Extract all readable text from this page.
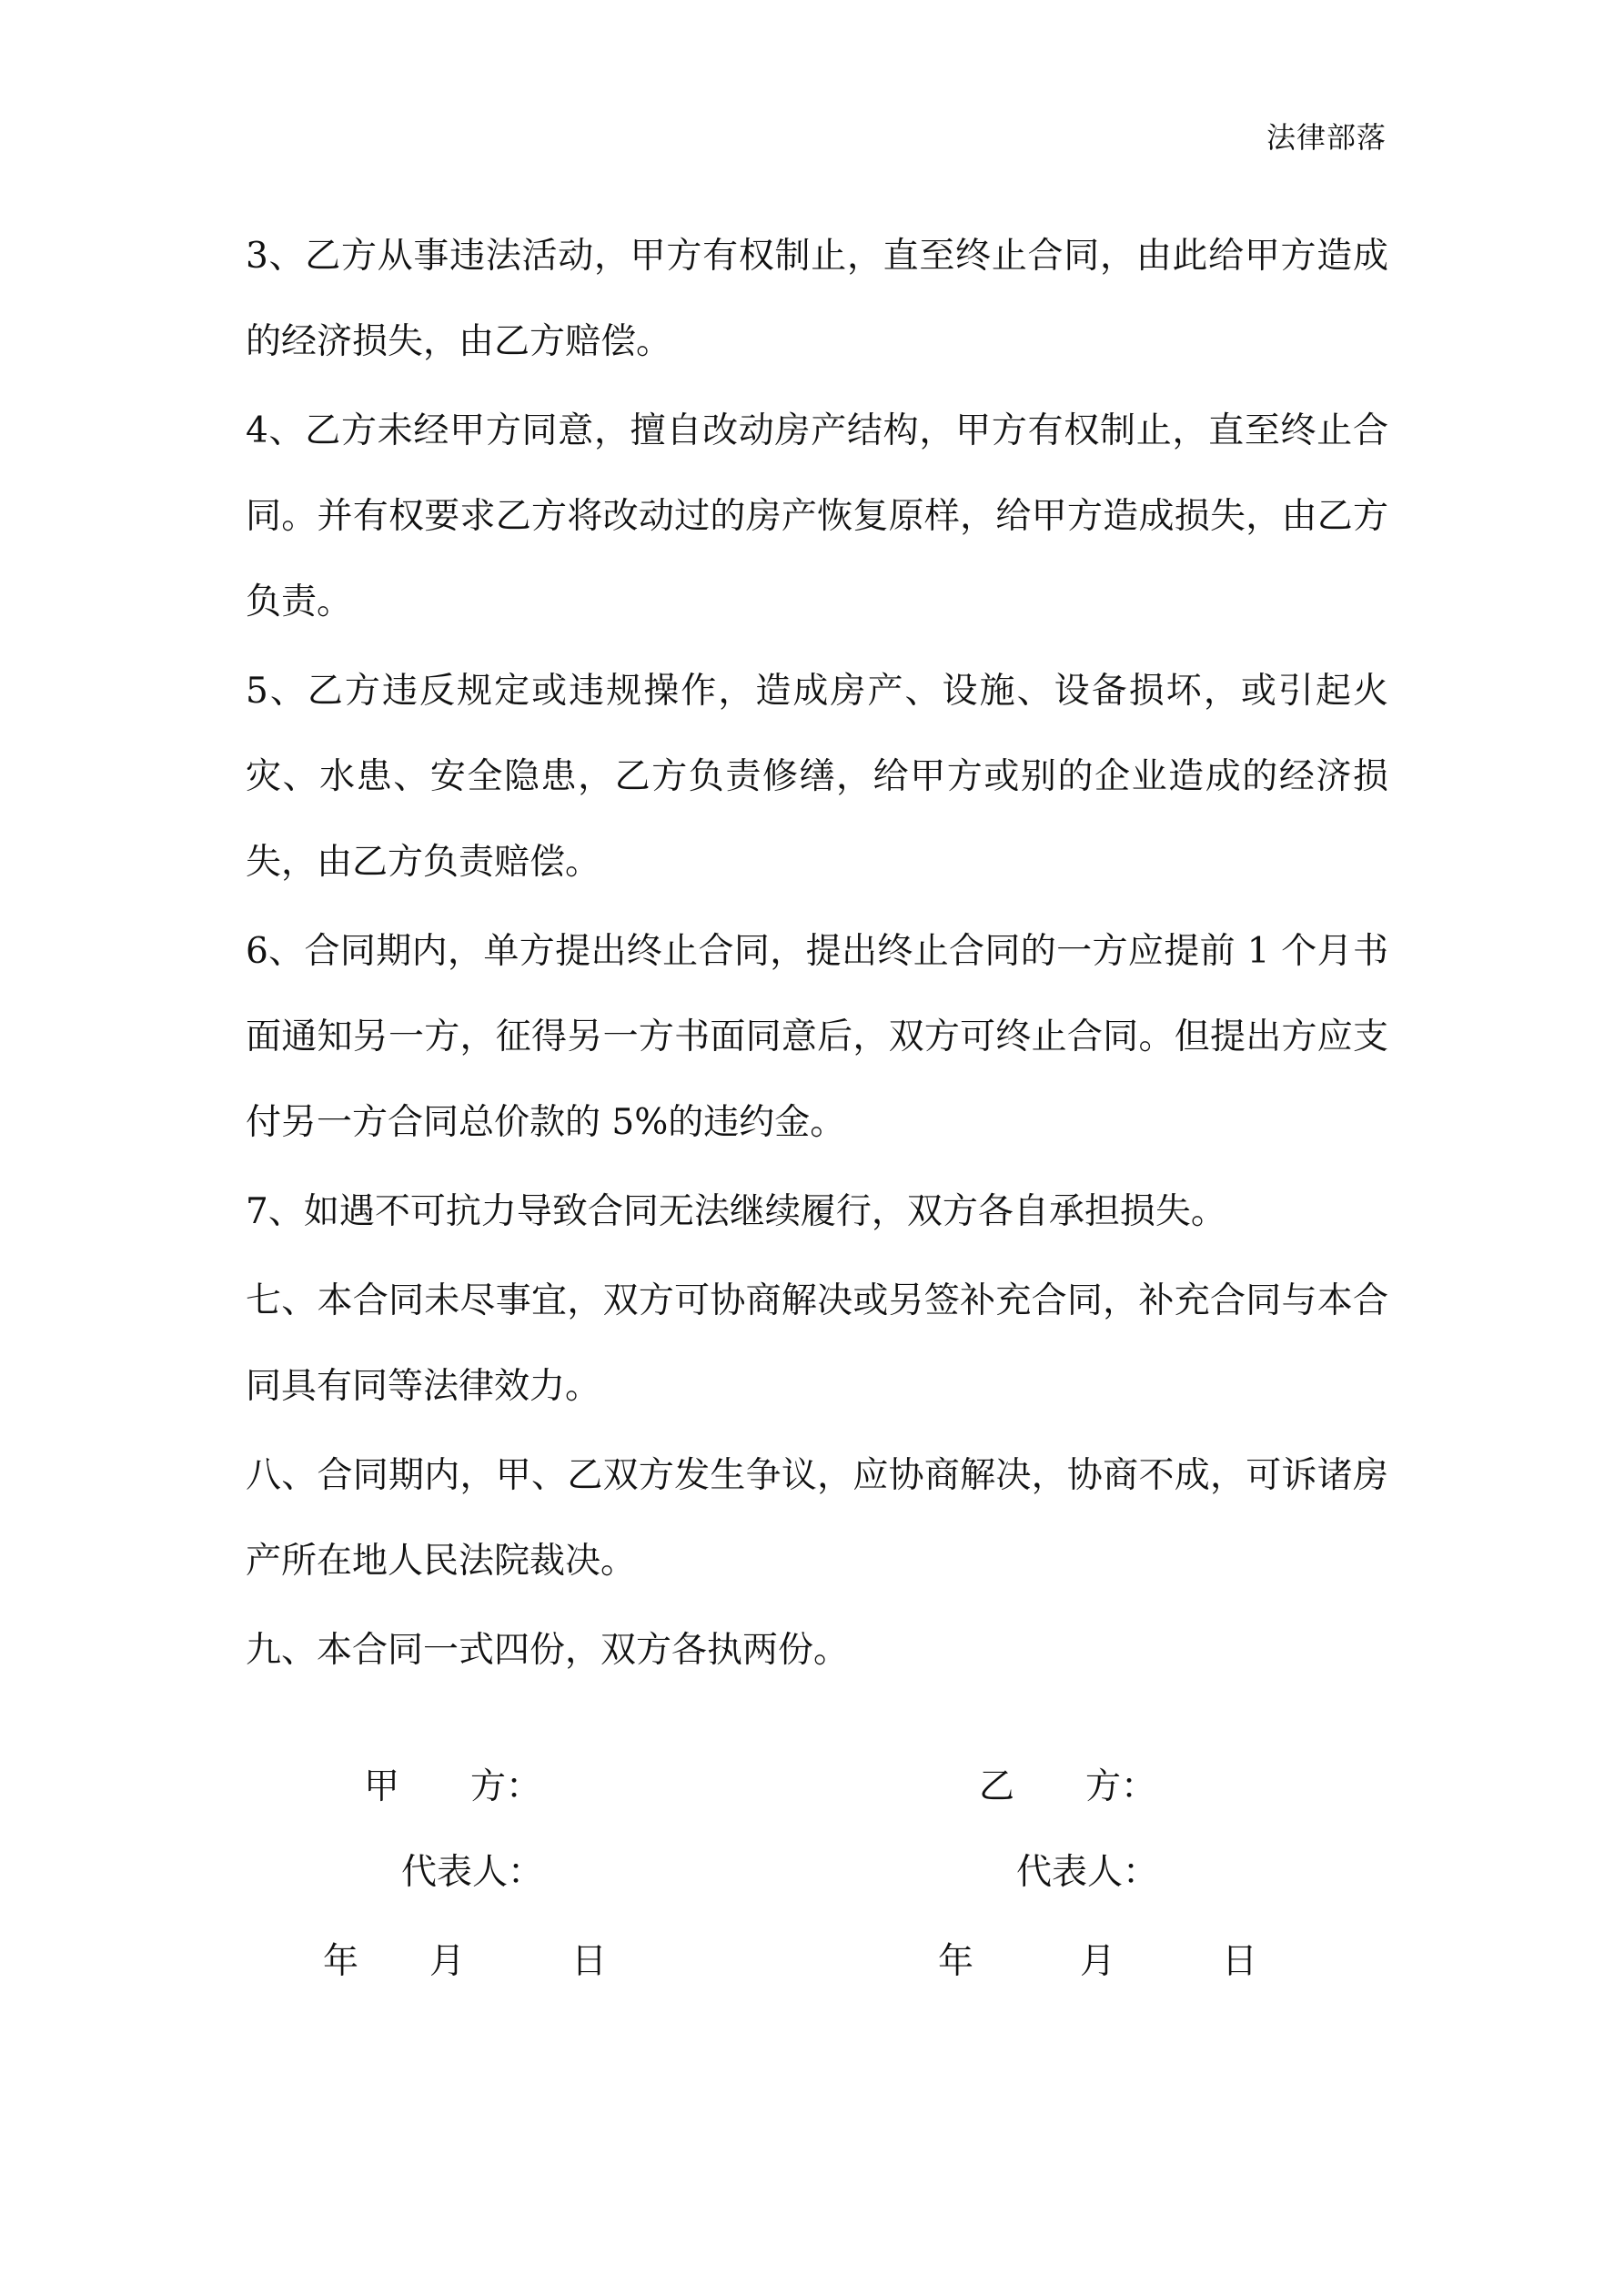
法律部落

3、乙方从事违法活动，甲方有权制止，直至终止合同，由此给甲方造成的经济损失，由乙方赔偿。

4、乙方未经甲方同意，擅自改动房产结构，甲方有权制止，直至终止合同。并有权要求乙方将改动过的房产恢复原样，给甲方造成损失，由乙方负责。

5、乙方违反规定或违规操作，造成房产、设施、设备损坏，或引起火灾、水患、安全隐患，乙方负责修缮，给甲方或别的企业造成的经济损失，由乙方负责赔偿。

6、合同期内，单方提出终止合同，提出终止合同的一方应提前 1 个月书面通知另一方，征得另一方书面同意后，双方可终止合同。但提出方应支付另一方合同总价款的 5%的违约金。

7、如遇不可抗力导致合同无法继续履行，双方各自承担损失。

七、本合同未尽事宜，双方可协商解决或另签补充合同，补充合同与本合同具有同等法律效力。

八、合同期内，甲、乙双方发生争议，应协商解决，协商不成，可诉诸房产所在地人民法院裁决。

九、本合同一式四份，双方各执两份。

甲　　方：
代表人：
年　　月　　　日
乙　　方：
代表人：
年　　　月　　　日
